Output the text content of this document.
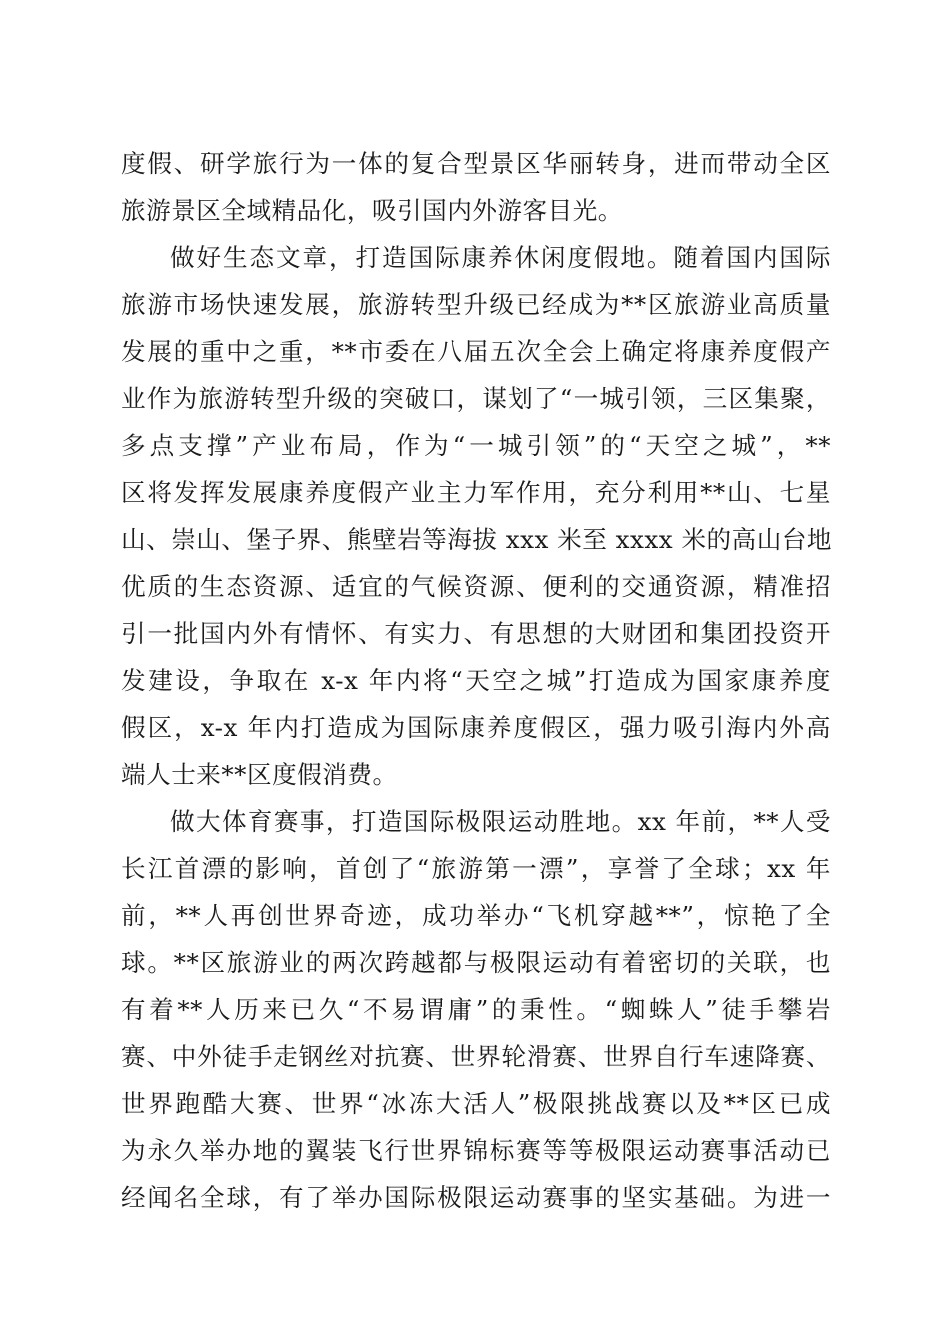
度假、研学旅行为一体的复合型景区华丽转身，进而带动全区
旅游景区全域精品化，吸引国内外游客目光。
做好生态文章，打造国际康养休闲度假地。随着国内国际
旅游市场快速发展，旅游转型升级已经成为**区旅游业高质量
发展的重中之重，**市委在八届五次全会上确定将康养度假产
业作为旅游转型升级的突破口，谋划了“一城引领，三区集聚，
多点支撑”产业布局，作为“一城引领”的“天空之城”，**
区将发挥发展康养度假产业主力军作用，充分利用**山、七星
山、崇山、堡子界、熊壁岩等海拔 xxx 米至 xxxx 米的高山台地
优质的生态资源、适宜的气候资源、便利的交通资源，精准招
引一批国内外有情怀、有实力、有思想的大财团和集团投资开
发建设，争取在 x-x 年内将“天空之城”打造成为国家康养度
假区，x-x 年内打造成为国际康养度假区，强力吸引海内外高
端人士来**区度假消费。
做大体育赛事，打造国际极限运动胜地。xx 年前，**人受
长江首漂的影响，首创了“旅游第一漂”，享誉了全球；xx 年
前，**人再创世界奇迹，成功举办“飞机穿越**”，惊艳了全
球。**区旅游业的两次跨越都与极限运动有着密切的关联，也
有着**人历来已久“不易谓庸”的秉性。“蜘蛛人”徒手攀岩
赛、中外徒手走钢丝对抗赛、世界轮滑赛、世界自行车速降赛、
世界跑酷大赛、世界“冰冻大活人”极限挑战赛以及**区已成
为永久举办地的翼装飞行世界锦标赛等等极限运动赛事活动已
经闻名全球，有了举办国际极限运动赛事的坚实基础。为进一
